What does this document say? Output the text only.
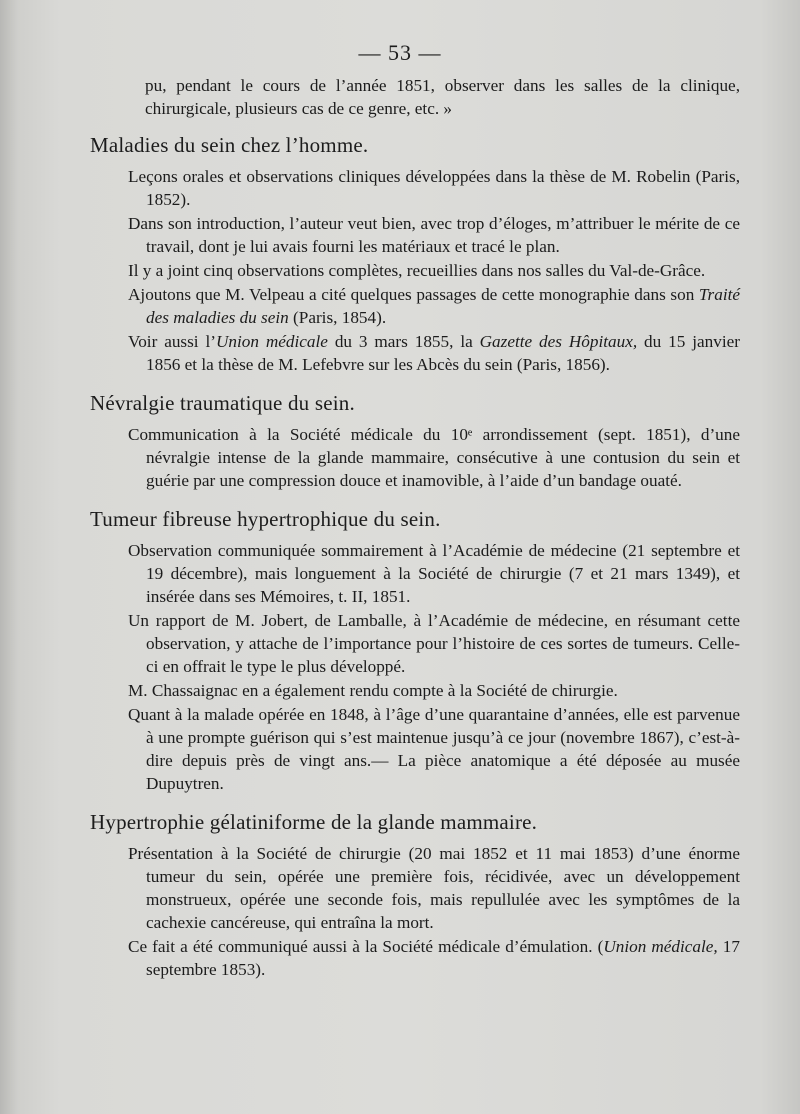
— 53 —

pu, pendant le cours de l’année 1851, observer dans les salles de la clinique, chirurgicale, plusieurs cas de ce genre, etc. »

Maladies du sein chez l’homme.

Leçons orales et observations cliniques développées dans la thèse de M. Robelin (Paris, 1852).

Dans son introduction, l’auteur veut bien, avec trop d’éloges, m’attribuer le mérite de ce travail, dont je lui avais fourni les matériaux et tracé le plan.

Il y a joint cinq observations complètes, recueillies dans nos salles du Val-de-Grâce.

Ajoutons que M. Velpeau a cité quelques passages de cette monographie dans son Traité des maladies du sein (Paris, 1854).

Voir aussi l’Union médicale du 3 mars 1855, la Gazette des Hôpitaux, du 15 janvier 1856 et la thèse de M. Lefebvre sur les Abcès du sein (Paris, 1856).

Névralgie traumatique du sein.

Communication à la Société médicale du 10ᵉ arrondissement (sept. 1851), d’une névralgie intense de la glande mammaire, consécutive à une contusion du sein et guérie par une compression douce et inamovible, à l’aide d’un bandage ouaté.

Tumeur fibreuse hypertrophique du sein.

Observation communiquée sommairement à l’Académie de médecine (21 septembre et 19 décembre), mais longuement à la Société de chirurgie (7 et 21 mars 1349), et insérée dans ses Mémoires, t. II, 1851.

Un rapport de M. Jobert, de Lamballe, à l’Académie de médecine, en résumant cette observation, y attache de l’importance pour l’histoire de ces sortes de tumeurs. Celle-ci en offrait le type le plus développé.

M. Chassaignac en a également rendu compte à la Société de chirurgie.

Quant à la malade opérée en 1848, à l’âge d’une quarantaine d’années, elle est parvenue à une prompte guérison qui s’est maintenue jusqu’à ce jour (novembre 1867), c’est-à-dire depuis près de vingt ans.— La pièce anatomique a été déposée au musée Dupuytren.

Hypertrophie gélatiniforme de la glande mammaire.

Présentation à la Société de chirurgie (20 mai 1852 et 11 mai 1853) d’une énorme tumeur du sein, opérée une première fois, récidivée, avec un développement monstrueux, opérée une seconde fois, mais repullulée avec les symptômes de la cachexie cancéreuse, qui entraîna la mort.

Ce fait a été communiqué aussi à la Société médicale d’émulation. (Union médicale, 17 septembre 1853).
